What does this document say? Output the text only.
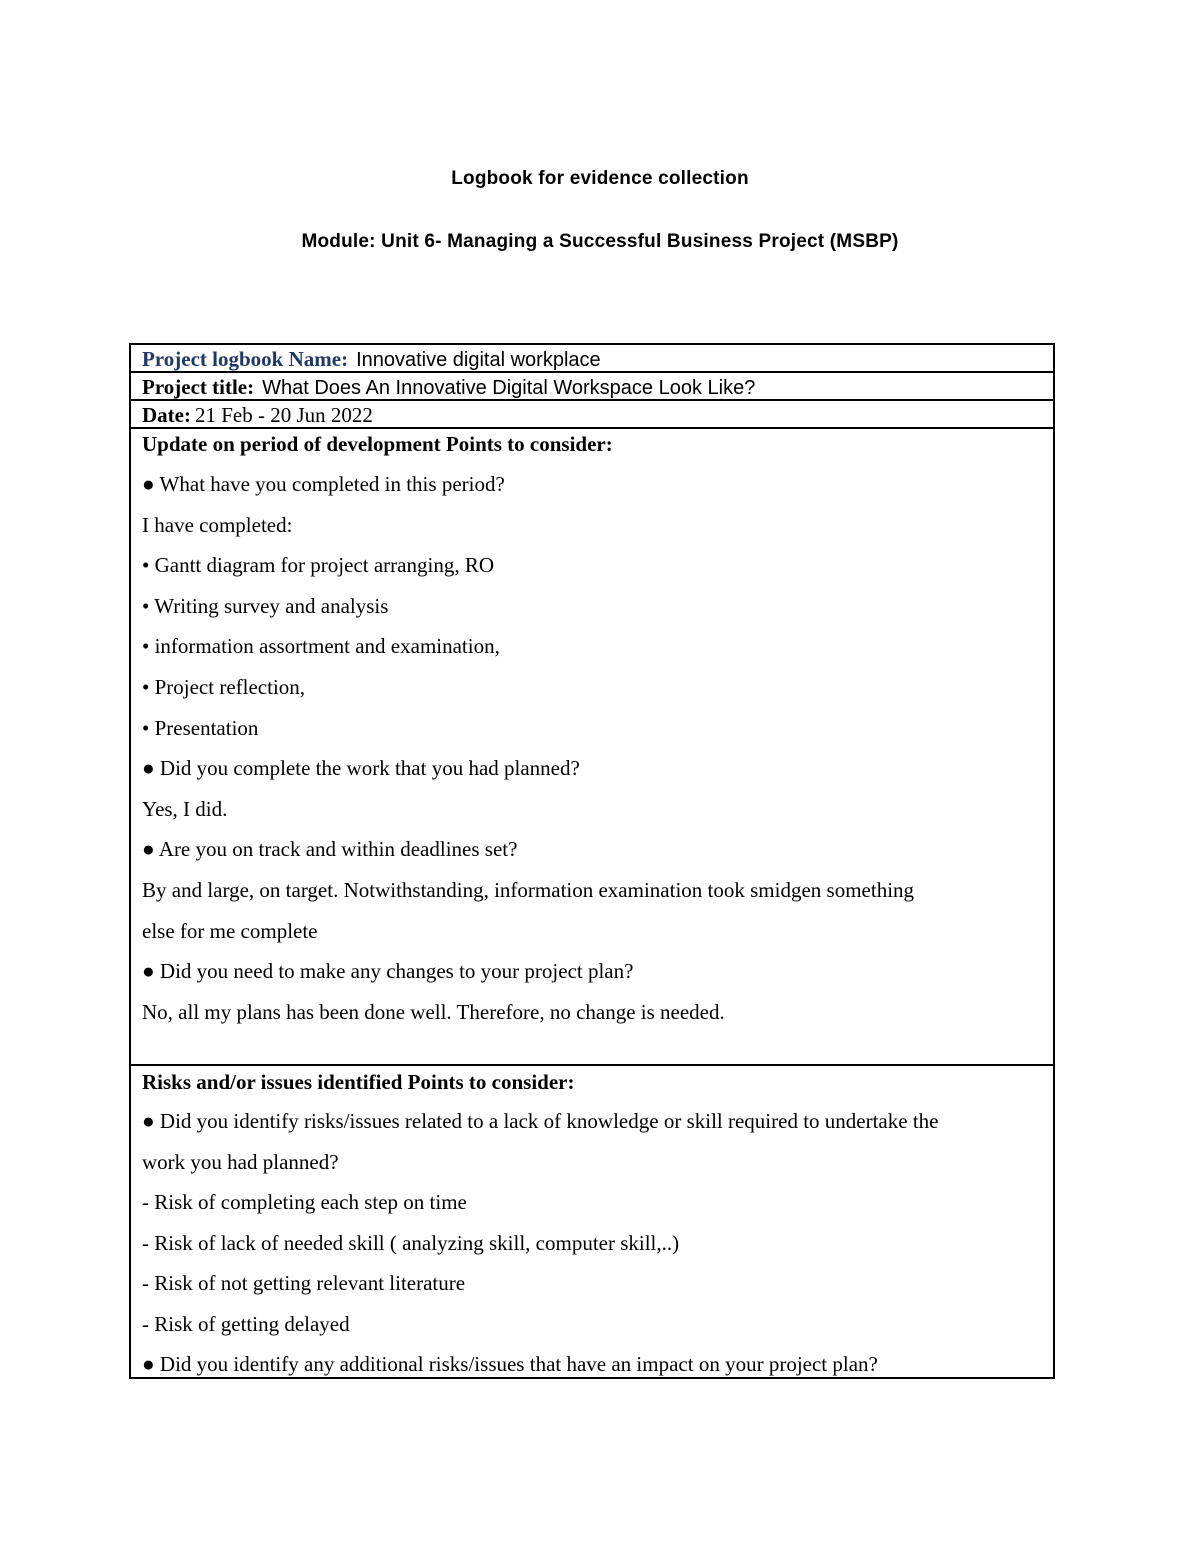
Logbook for evidence collection
Module: Unit 6- Managing a Successful Business Project (MSBP)
Project logbook Name: Innovative digital workplace
Project title: What Does An Innovative Digital Workspace Look Like?
Date: 21 Feb - 20 Jun 2022

Update on period of development Points to consider:

● What have you completed in this period?

I have completed:

• Gantt diagram for project arranging, RO

• Writing survey and analysis

• information assortment and examination,

• Project reflection,

• Presentation

● Did you complete the work that you had planned?

Yes, I did.

● Are you on track and within deadlines set?

By and large, on target. Notwithstanding, information examination took smidgen something

else for me complete

● Did you need to make any changes to your project plan?

No, all my plans has been done well. Therefore, no change is needed.

Risks and/or issues identified Points to consider:

● Did you identify risks/issues related to a lack of knowledge or skill required to undertake the

work you had planned?

- Risk of completing each step on time

- Risk of lack of needed skill ( analyzing skill, computer skill,..)

- Risk of not getting relevant literature

- Risk of getting delayed

● Did you identify any additional risks/issues that have an impact on your project plan?
